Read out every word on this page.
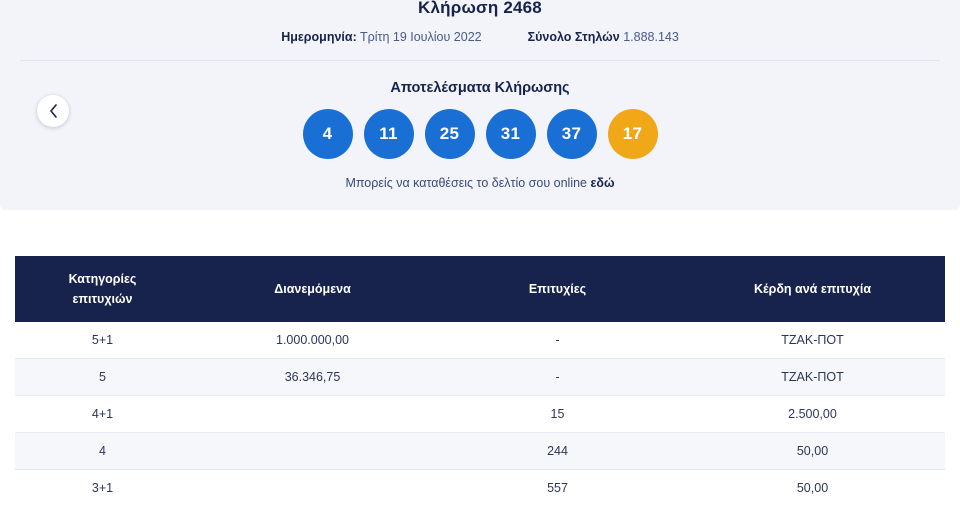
Κλήρωση 2468
Ημερομηνία: Τρίτη 19 Ιουλίου 2022	Σύνολο Στηλών 1.888.143
Αποτελέσματα Κλήρωσης
4	11	25	31	37	17
Μπορείς να καταθέσεις το δελτίο σου online εδώ
Κατηγορίες
επιτυχιών	Διανεμόμενα	Επιτυχίες	Κέρδη ανά επιτυχία
5+1	1.000.000,00	-	ΤΖΑΚ-ΠΟΤ
5	36.346,75	-	ΤΖΑΚ-ΠΟΤ
4+1		15	2.500,00
4		244	50,00
3+1		557	50,00
